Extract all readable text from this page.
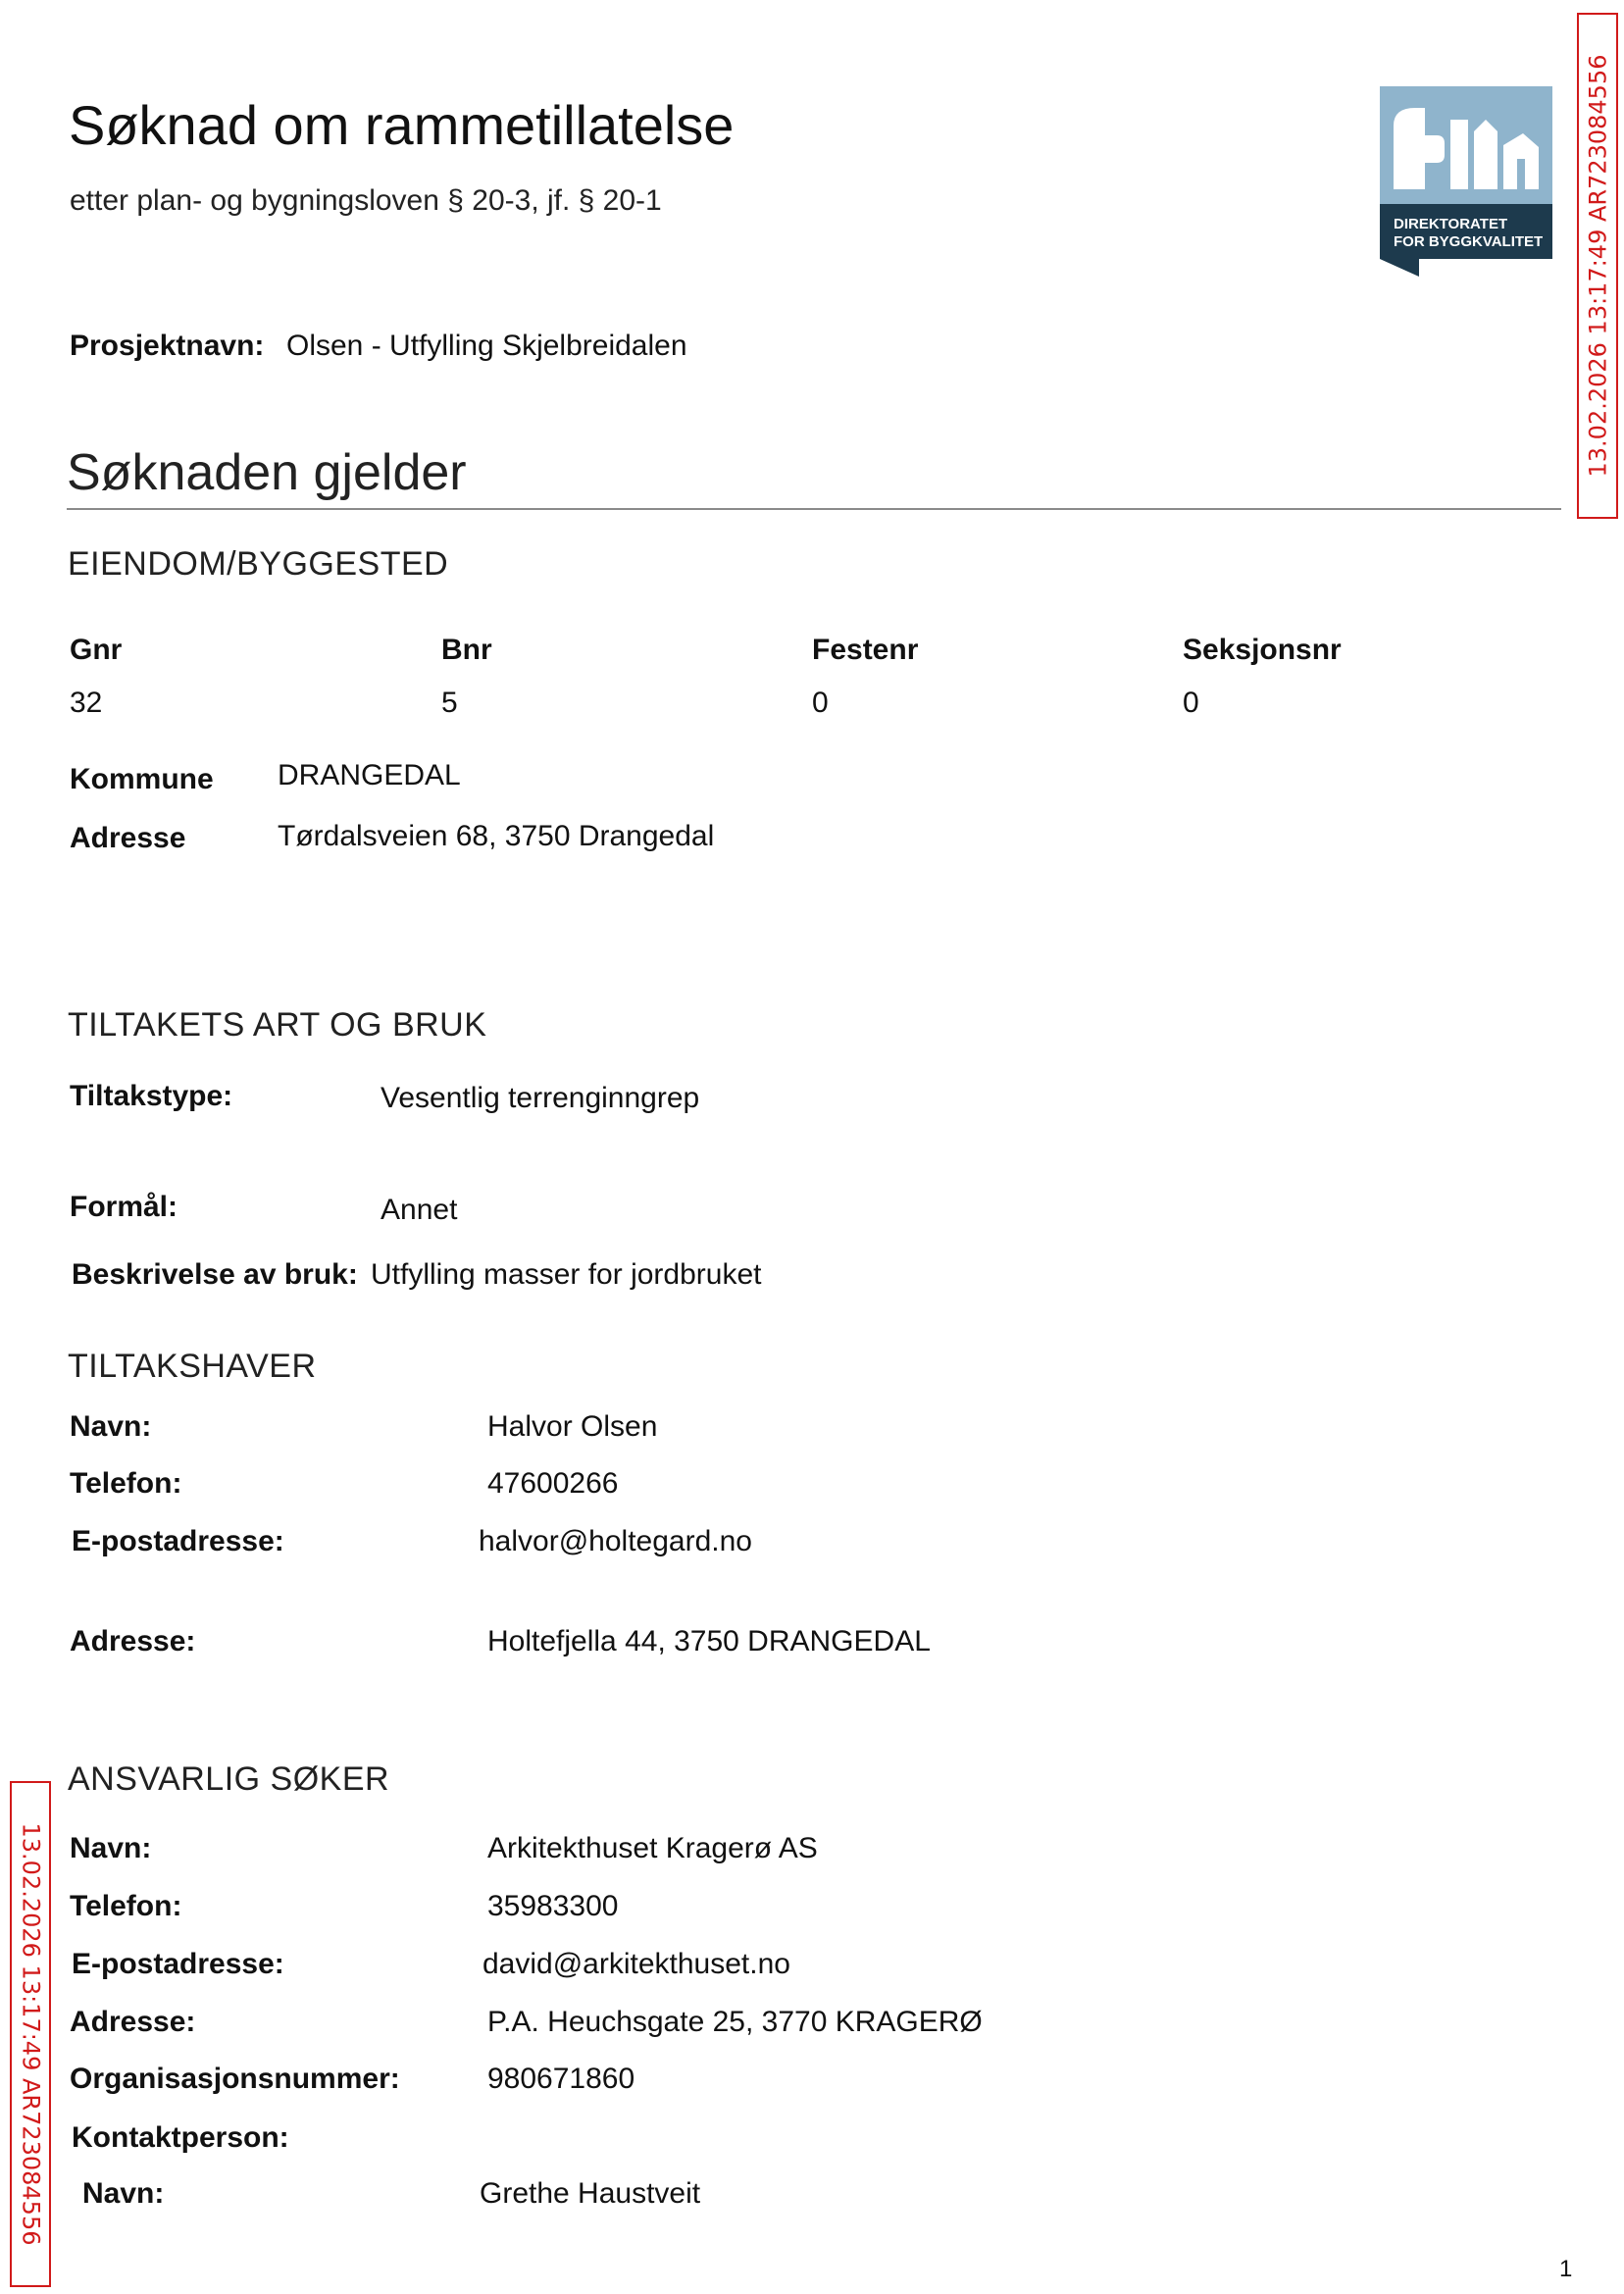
Søknad om rammetillatelse
etter plan- og bygningsloven § 20-3, jf. § 20-1
DIREKTORATET
FOR BYGGKVALITET 13.02.2026 13:17:49 AR723084556
13.02.2026 13:17:49 AR723084556
Prosjektnavn: Olsen - Utfylling Skjelbreidalen
Søknaden gjelder
EIENDOM/BYGGESTED
Gnr	Bnr	Festenr	Seksjonsnr
32	5	0	0
Kommune DRANGEDAL
Adresse	Tørdalsveien 68, 3750 Drangedal
TILTAKETS ART OG BRUK
Tiltakstype:	Vesentlig terrenginngrep
Formål:	Annet
Beskrivelse av bruk: Utfylling masser for jordbruket
TILTAKSHAVER
Navn:	Halvor Olsen
Telefon:	47600266
E-postadresse:	halvor@holtegard.no
Adresse:	Holtefjella 44, 3750 DRANGEDAL
ANSVARLIG SØKER
Navn:	Arkitekthuset Kragerø AS
Telefon:	35983300
E-postadresse:	david@arkitekthuset.no
Adresse:	P.A. Heuchsgate 25, 3770 KRAGERØ
Organisasjonsnummer:	980671860
Kontaktperson:
Navn:	Grethe Haustveit
1
